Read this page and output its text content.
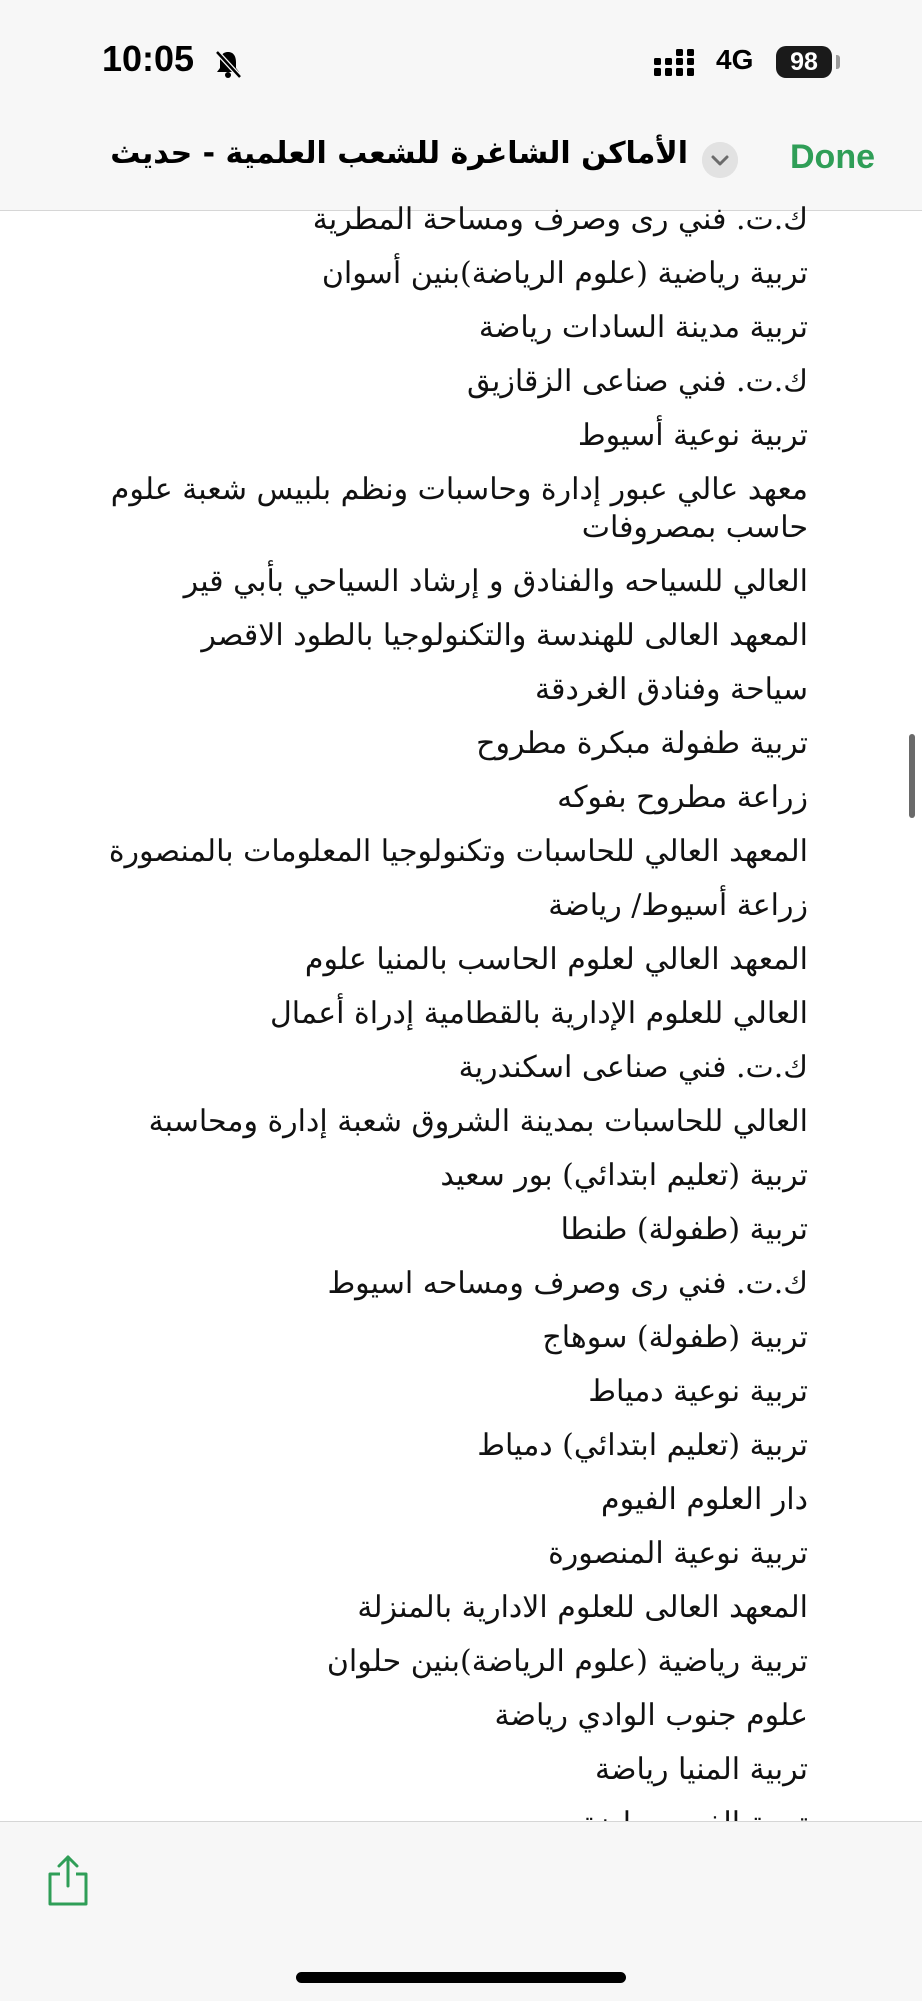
10:05	4G	98
الأماكن الشاغرة للشعب العلمية - حديث	Done
ك.ت. فني رى وصرف ومساحة المطرية
تربية رياضية (علوم الرياضة)بنين أسوان
تربية مدينة السادات رياضة
ك.ت. فني صناعى الزقازيق
تربية نوعية أسيوط
معهد عالي عبور إدارة وحاسبات ونظم بلبيس شعبة علوم حاسب بمصروفات
العالي للسياحه والفنادق و إرشاد السياحي بأبي قير
المعهد العالى للهندسة والتكنولوجيا بالطود الاقصر
سياحة وفنادق الغردقة
تربية طفولة مبكرة مطروح
زراعة مطروح بفوكه
المعهد العالي للحاسبات وتكنولوجيا المعلومات بالمنصورة
زراعة أسيوط/ رياضة
المعهد العالي لعلوم الحاسب بالمنيا علوم
العالي للعلوم الإدارية بالقطامية إدراة أعمال
ك.ت. فني صناعى اسكندرية
العالي للحاسبات بمدينة الشروق شعبة إدارة ومحاسبة
تربية (تعليم ابتدائي) بور سعيد
تربية (طفولة) طنطا
ك.ت. فني رى وصرف ومساحه اسيوط
تربية (طفولة) سوهاج
تربية نوعية دمياط
تربية (تعليم ابتدائي) دمياط
دار العلوم الفيوم
تربية نوعية المنصورة
المعهد العالى للعلوم الادارية بالمنزلة
تربية رياضية (علوم الرياضة)بنين حلوان
علوم جنوب الوادي رياضة
تربية المنيا رياضة
